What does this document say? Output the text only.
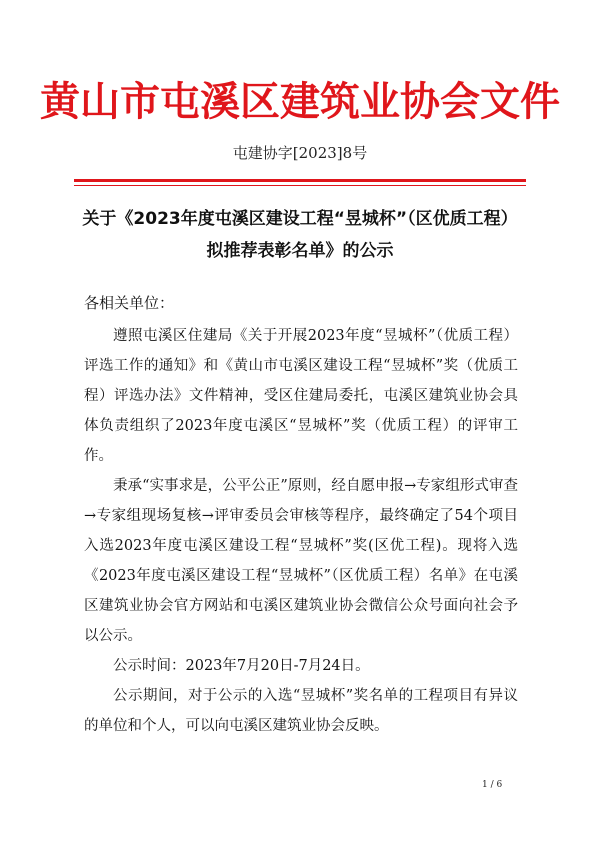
黄山市屯溪区建筑业协会文件
屯建协字[2023]8号
关于《2023年度屯溪区建设工程“昱城杯”（区优质工程）拟推荐表彰名单》的公示
各相关单位：

遵照屯溪区住建局《关于开展2023年度“昱城杯”（优质工程）评选工作的通知》和《黄山市屯溪区建设工程“昱城杯”奖（优质工程）评选办法》文件精神，受区住建局委托，屯溪区建筑业协会具体负责组织了2023年度屯溪区“昱城杯”奖（优质工程）的评审工作。

秉承“实事求是，公平公正”原则，经自愿申报→专家组形式审查→专家组现场复核→评审委员会审核等程序，最终确定了54个项目入选2023年度屯溪区建设工程“昱城杯”奖(区优工程)。现将入选《2023年度屯溪区建设工程“昱城杯”（区优质工程）名单》在屯溪区建筑业协会官方网站和屯溪区建筑业协会微信公众号面向社会予以公示。

公示时间：2023年7月20日-7月24日。

公示期间，对于公示的入选“昱城杯”奖名单的工程项目有异议的单位和个人，可以向屯溪区建筑业协会反映。

1 / 6
